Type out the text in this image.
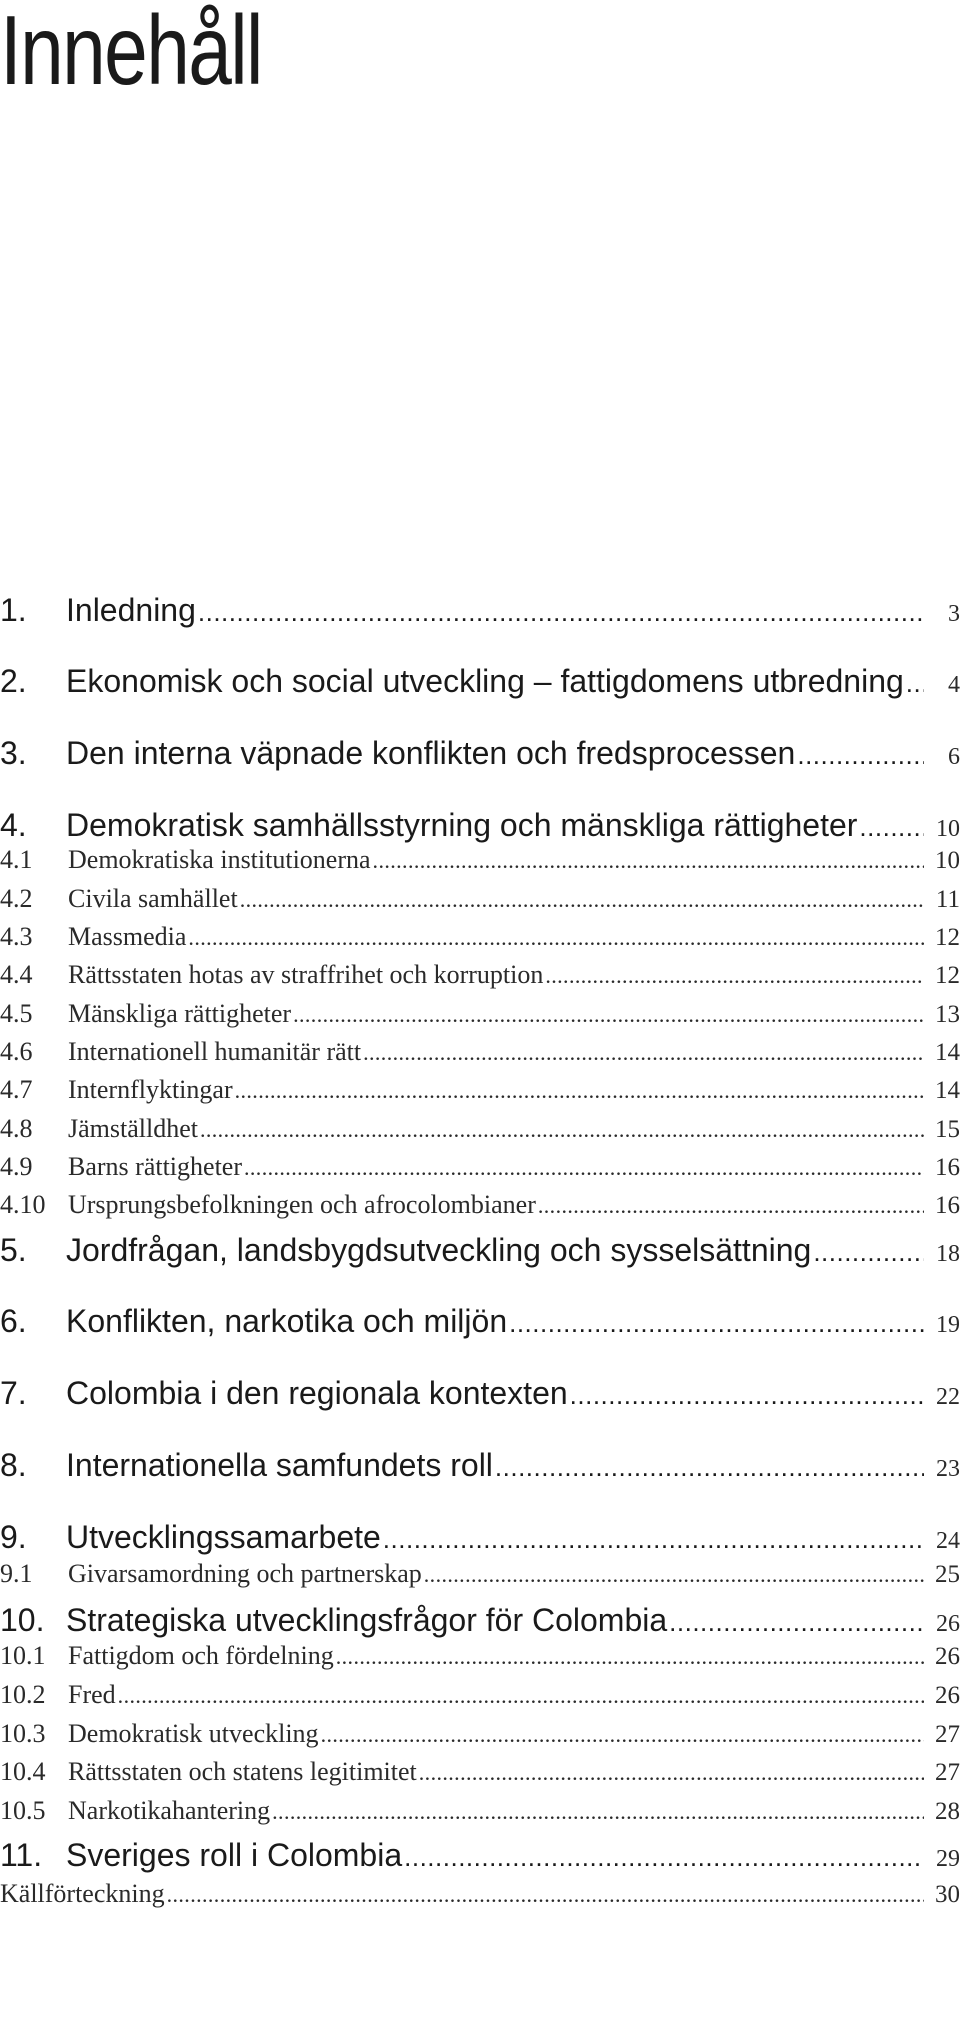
Innehåll
1.	Inledning .....	3
2.	Ekonomisk och social utveckling – fattigdomens utbredning .....	4
3.	Den interna väpnade konflikten och fredsprocessen .....	6
4.	Demokratisk samhällsstyrning och mänskliga rättigheter .....	10
4.1	Demokratiska institutionerna .....	10
4.2	Civila samhället .....	11
4.3	Massmedia .....	12
4.4	Rättsstaten hotas av straffrihet och korruption .....	12
4.5	Mänskliga rättigheter .....	13
4.6	Internationell humanitär rätt .....	14
4.7	Internflyktingar .....	14
4.8	Jämställdhet .....	15
4.9	Barns rättigheter .....	16
4.10 Ursprungsbefolkningen och afrocolombianer .....	16
5.	Jordfrågan, landsbygdsutveckling och sysselsättning .....	18
6.	Konflikten, narkotika och miljön .....	19
7.	Colombia i den regionala kontexten .....	22
8.	Internationella samfundets roll .....	23
9.	Utvecklingssamarbete .....	24
9.1	Givarsamordning och partnerskap .....	25
10. Strategiska utvecklingsfrågor för Colombia .....	26
10.1 Fattigdom och fördelning .....	26
10.2 Fred .....	26
10.3 Demokratisk utveckling .....	27
10.4 Rättsstaten och statens legitimitet .....	27
10.5 Narkotikahantering .....	28
11. Sveriges roll i Colombia .....	29
Källförteckning .....	30
